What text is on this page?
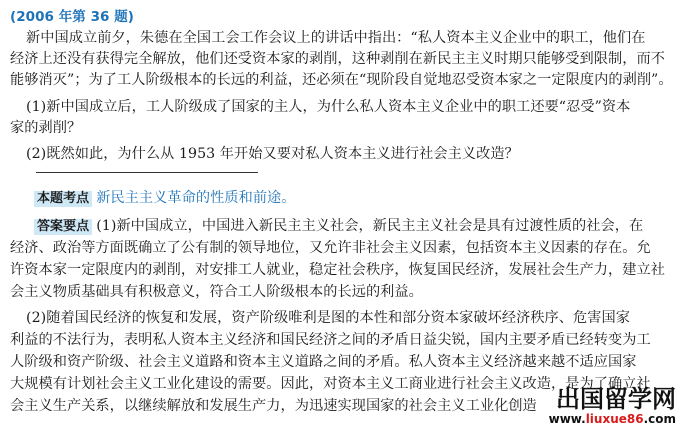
(2006 年第 36 题)
新中国成立前夕，朱德在全国工会工作会议上的讲话中指出：“私人资本主义企业中的职工，他们在
经济上还没有获得完全解放，他们还受资本家的剥削，这种剥削在新民主主义时期只能够受到限制，而不
能够消灭”；为了工人阶级根本的长远的利益，还必须在“现阶段自觉地忍受资本家之一定限度内的剥削”。
(1)新中国成立后，工人阶级成了国家的主人，为什么私人资本主义企业中的职工还要“忍受”资本
家的剥削？
(2)既然如此，为什么从 1953 年开始又要对私人资本主义进行社会主义改造？
本题考点 新民主主义革命的性质和前途。
答案要点 (1)新中国成立，中国进入新民主主义社会，新民主主义社会是具有过渡性质的社会，在
经济、政治等方面既确立了公有制的领导地位，又允许非社会主义因素，包括资本主义因素的存在。允
许资本家一定限度内的剥削，对安排工人就业，稳定社会秩序，恢复国民经济，发展社会生产力，建立社
会主义物质基础具有积极意义，符合工人阶级根本的长远的利益。
(2)随着国民经济的恢复和发展，资产阶级唯利是图的本性和部分资本家破坏经济秩序、危害国家
利益的不法行为，表明私人资本主义经济和国民经济之间的矛盾日益尖锐，国内主要矛盾已经转变为工
人阶级和资产阶级、社会主义道路和资本主义道路之间的矛盾。私人资本主义经济越来越不适应国家
大规模有计划社会主义工业化建设的需要。因此，对资本主义工商业进行社会主义改造，是为了确立社
会主义生产关系，以继续解放和发展生产力，为迅速实现国家的社会主义工业化创造 出国留学网
www.liuxue86.com
